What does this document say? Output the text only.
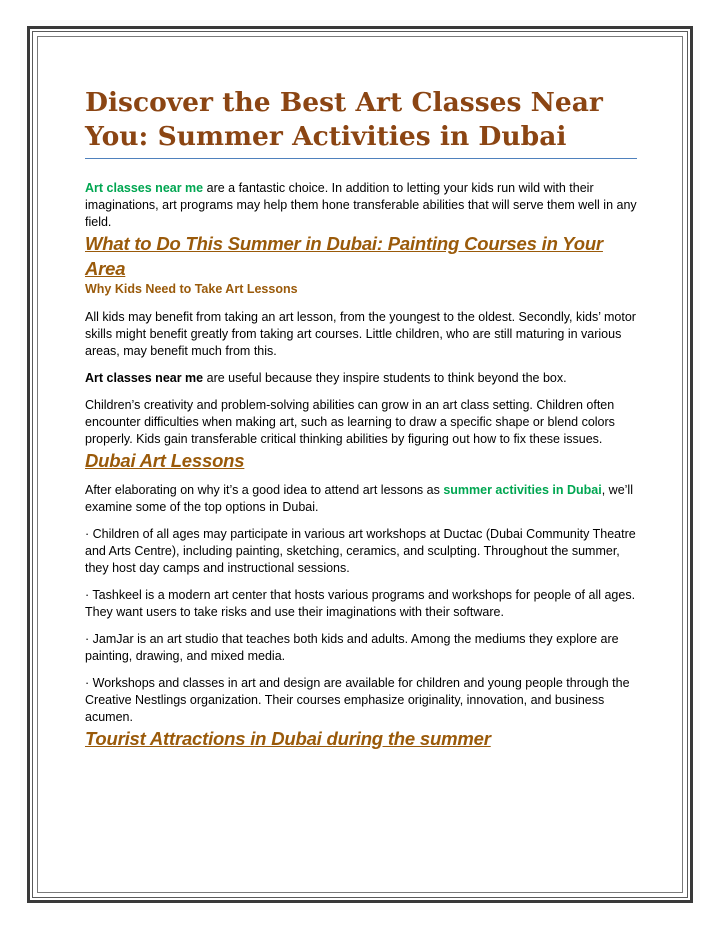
Discover the Best Art Classes Near You: Summer Activities in Dubai

Art classes near me are a fantastic choice. In addition to letting your kids run wild with their imaginations, art programs may help them hone transferable abilities that will serve them well in any field.

What to Do This Summer in Dubai: Painting Courses in Your Area
Why Kids Need to Take Art Lessons

All kids may benefit from taking an art lesson, from the youngest to the oldest. Secondly, kids’ motor skills might benefit greatly from taking art courses. Little children, who are still maturing in various areas, may benefit much from this.

Art classes near me are useful because they inspire students to think beyond the box.

Children’s creativity and problem-solving abilities can grow in an art class setting. Children often encounter difficulties when making art, such as learning to draw a specific shape or blend colors properly. Kids gain transferable critical thinking abilities by figuring out how to fix these issues.

Dubai Art Lessons

After elaborating on why it’s a good idea to attend art lessons as summer activities in Dubai, we’ll examine some of the top options in Dubai.

· Children of all ages may participate in various art workshops at Ductac (Dubai Community Theatre and Arts Centre), including painting, sketching, ceramics, and sculpting. Throughout the summer, they host day camps and instructional sessions.

· Tashkeel is a modern art center that hosts various programs and workshops for people of all ages. They want users to take risks and use their imaginations with their software.

· JamJar is an art studio that teaches both kids and adults. Among the mediums they explore are painting, drawing, and mixed media.

· Workshops and classes in art and design are available for children and young people through the Creative Nestlings organization. Their courses emphasize originality, innovation, and business acumen.

Tourist Attractions in Dubai during the summer
